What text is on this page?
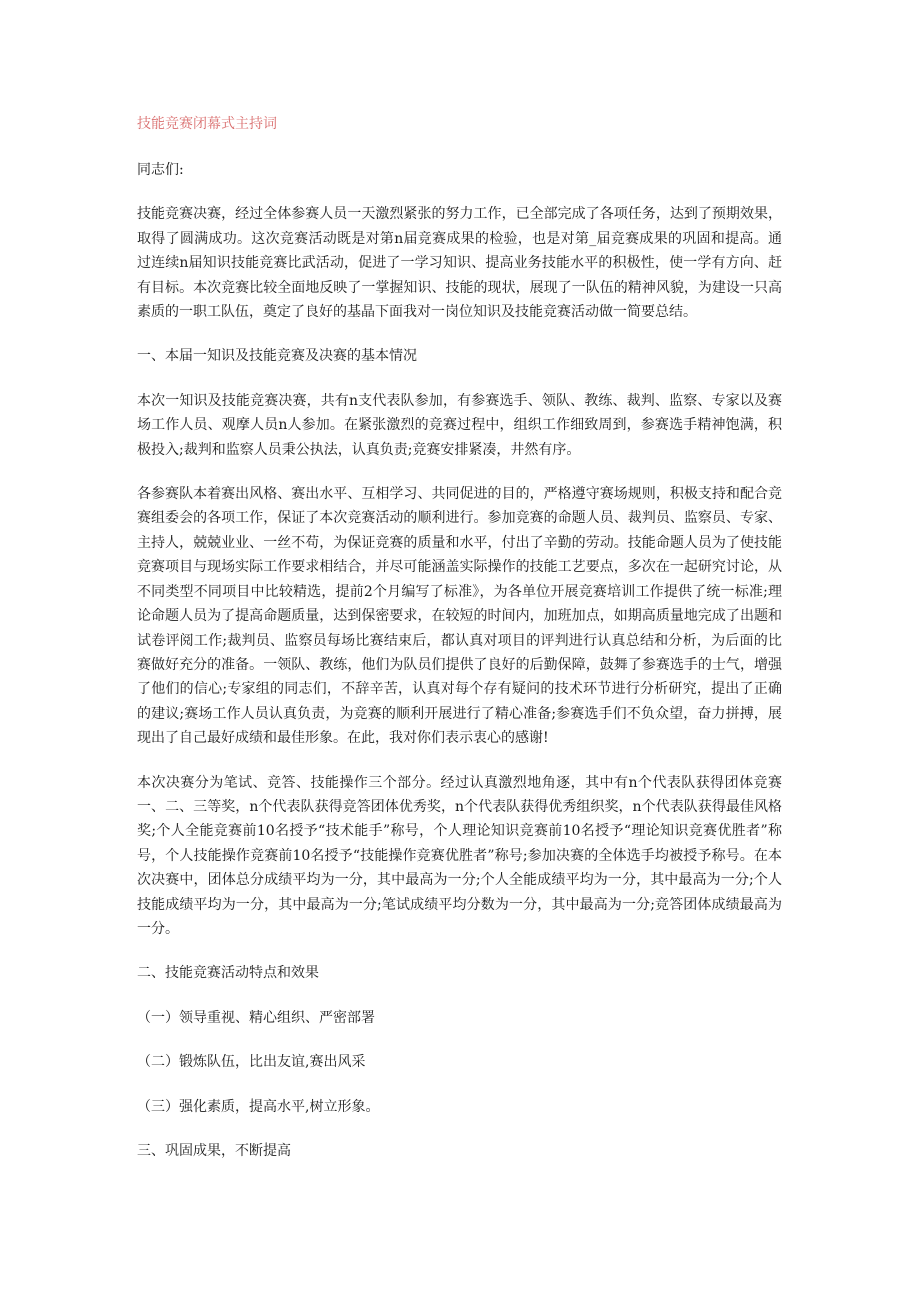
技能竞赛闭幕式主持词

同志们:

技能竞赛决赛，经过全体参赛人员一天激烈紧张的努力工作，已全部完成了各项任务，达到了预期效果，取得了圆满成功。这次竞赛活动既是对第n届竞赛成果的检验，也是对第_届竞赛成果的巩固和提高。通过连续n届知识技能竞赛比武活动，促进了一学习知识、提高业务技能水平的积极性，使一学有方向、赶有目标。本次竞赛比较全面地反映了一掌握知识、技能的现状，展现了一队伍的精神风貌，为建设一只高素质的一职工队伍，奠定了良好的基晶下面我对一岗位知识及技能竞赛活动做一简要总结。

一、本届一知识及技能竞赛及决赛的基本情况

本次一知识及技能竞赛决赛，共有n支代表队参加，有参赛选手、领队、教练、裁判、监察、专家以及赛场工作人员、观摩人员n人参加。在紧张激烈的竞赛过程中，组织工作细致周到，参赛选手精神饱满，积极投入;裁判和监察人员秉公执法，认真负责;竞赛安排紧凑，井然有序。

各参赛队本着赛出风格、赛出水平、互相学习、共同促进的目的，严格遵守赛场规则，积极支持和配合竞赛组委会的各项工作，保证了本次竞赛活动的顺利进行。参加竞赛的命题人员、裁判员、监察员、专家、主持人，兢兢业业、一丝不苟，为保证竞赛的质量和水平，付出了辛勤的劳动。技能命题人员为了使技能竞赛项目与现场实际工作要求相结合，并尽可能涵盖实际操作的技能工艺要点，多次在一起研究讨论，从不同类型不同项目中比较精选，提前2个月编写了标准》，为各单位开展竞赛培训工作提供了统一标准;理论命题人员为了提高命题质量，达到保密要求，在较短的时间内，加班加点，如期高质量地完成了出题和试卷评阅工作;裁判员、监察员每场比赛结束后，都认真对项目的评判进行认真总结和分析，为后面的比赛做好充分的准备。一领队、教练，他们为队员们提供了良好的后勤保障，鼓舞了参赛选手的士气，增强了他们的信心;专家组的同志们，不辞辛苦，认真对每个存有疑问的技术环节进行分析研究，提出了正确的建议;赛场工作人员认真负责，为竞赛的顺利开展进行了精心准备;参赛选手们不负众望，奋力拼搏，展现出了自己最好成绩和最佳形象。在此，我对你们表示衷心的感谢!

本次决赛分为笔试、竞答、技能操作三个部分。经过认真激烈地角逐，其中有n个代表队获得团体竞赛一、二、三等奖，n个代表队获得竞答团体优秀奖，n个代表队获得优秀组织奖，n个代表队获得最佳风格奖;个人全能竞赛前10名授予“技术能手”称号，个人理论知识竞赛前10名授予“理论知识竞赛优胜者”称号，个人技能操作竞赛前10名授予“技能操作竞赛优胜者”称号;参加决赛的全体选手均被授予称号。在本次决赛中，团体总分成绩平均为一分，其中最高为一分;个人全能成绩平均为一分，其中最高为一分;个人技能成绩平均为一分，其中最高为一分;笔试成绩平均分数为一分，其中最高为一分;竞答团体成绩最高为一分。

二、技能竞赛活动特点和效果

（一）领导重视、精心组织、严密部署

（二）锻炼队伍，比出友谊,赛出风采

（三）强化素质，提高水平,树立形象。

三、巩固成果，不断提高
